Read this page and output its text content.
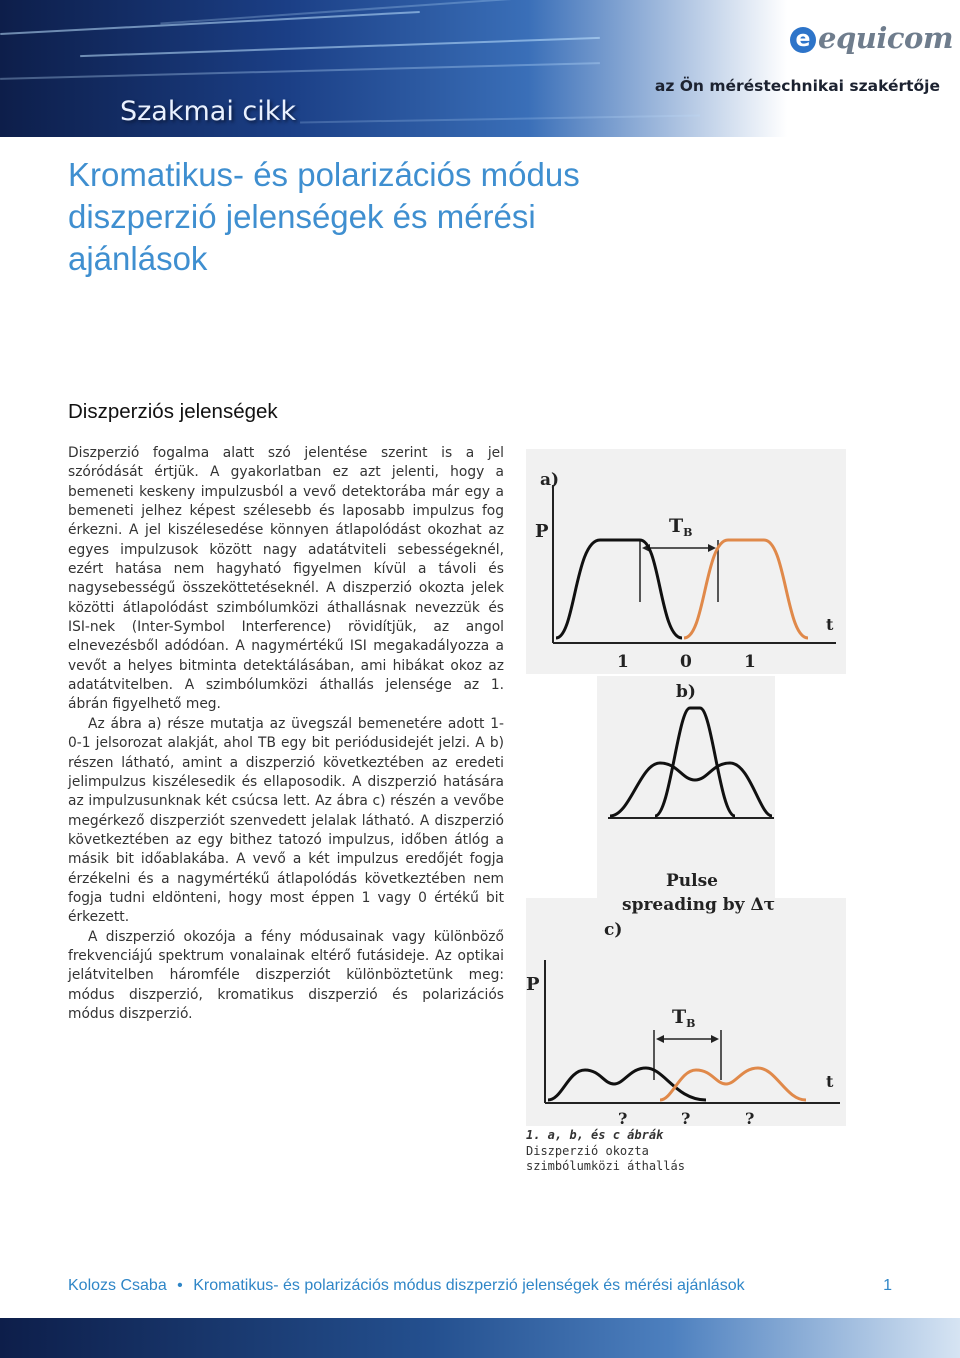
Szakmai cikk
e equicom
az Ön méréstechnikai szakértője
Kromatikus- és polarizációs módus diszperzió jelenségek és mérési ajánlások
Diszperziós jelenségek

Diszperzió fogalma alatt szó jelentése szerint is a jel szóródását értjük. A gyakorlatban ez azt jelenti, hogy a bemeneti keskeny impulzusból a vevő detektorába már egy a bemeneti jelhez képest szélesebb és laposabb impulzus fog érkezni. A jel kiszélesedése könnyen átlapolódást okozhat az egyes impulzusok között nagy adatátviteli sebességeknél, ezért hatása nem hagyható figyelmen kívül a távoli és nagysebességű összeköttetéseknél. A diszperzió okozta jelek közötti átlapolódást szimbólumközi áthallásnak nevezzük és ISI-nek (Inter-Symbol Interference) rövidítjük, az angol elnevezésből adódóan. A nagymértékű ISI megakadályozza a vevőt a helyes bitminta detektálásában, ami hibákat okoz az adatátvitelben. A szimbólumközi áthallás jelensége az 1. ábrán figyelhető meg.

Az ábra a) része mutatja az üvegszál bemenetére adott 1-0-1 jelsorozat alakját, ahol TB egy bit periódusidejét jelzi. A b) részen látható, amint a diszperzió következtében az eredeti jelimpulzus kiszélesedik és ellaposodik. A diszperzió hatására az impulzusunknak két csúcsa lett. Az ábra c) részén a vevőbe megérkező diszperziót szenvedett jelalak látható. A diszperzió következtében az egy bithez tatozó impulzus, időben átlóg a másik bit időablakába. A vevő a két impulzus eredőjét fogja érzékelni és a nagymértékű átlapolódás következtében nem fogja tudni eldönteni, hogy most éppen 1 vagy 0 értékű bit érkezett.

A diszperzió okozója a fény módusainak vagy különböző frekvenciájú spektrum vonalainak eltérő futásideje. Az optikai jelátvitelben háromféle diszperziót különböztetünk meg: módus diszperzió, kromatikus diszperzió és polarizációs módus diszperzió.

a)
P
t
$T_B$
1	0	1
b)
Pulse
spreading by Δτ
c)
P
t
$T_B$
?	?	?
1. a, b, és c ábrák
Diszperzió okozta
szimbólumközi áthallás
Kolozs Csaba • Kromatikus- és polarizációs módus diszperzió jelenségek és mérési ajánlások	1
